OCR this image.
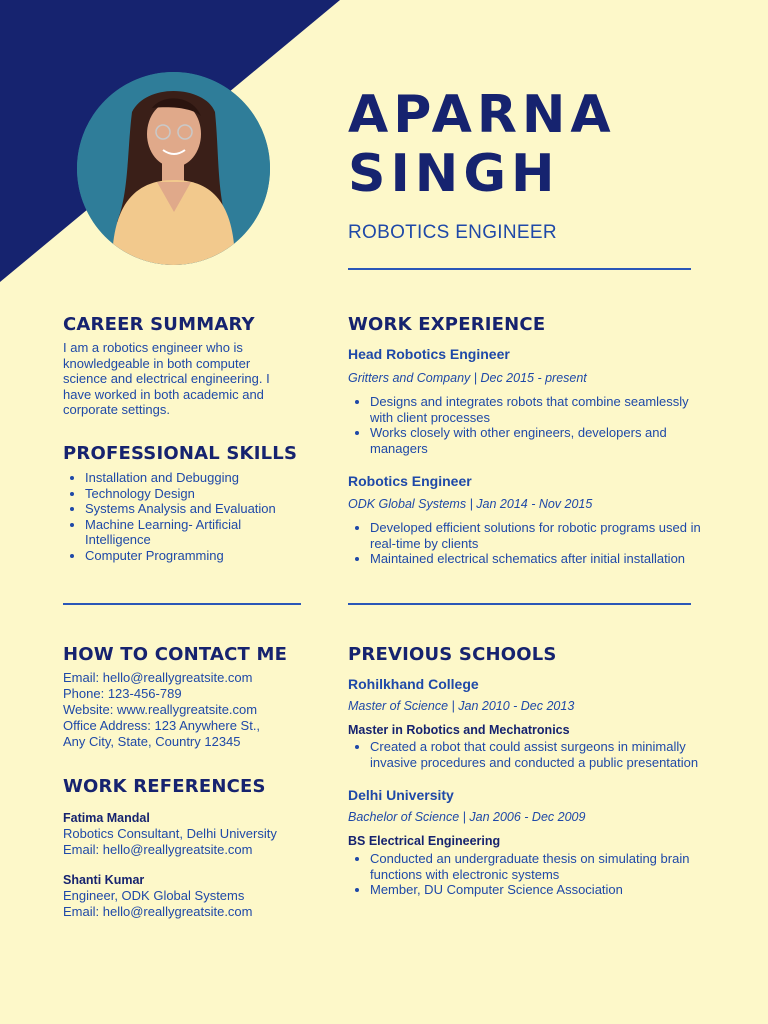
APARNA
SINGH
ROBOTICS ENGINEER
CAREER SUMMARY
I am a robotics engineer who is knowledgeable in both computer science and electrical engineering. I have worked in both academic and corporate settings.
PROFESSIONAL SKILLS
• Installation and Debugging
• Technology Design
• Systems Analysis and Evaluation
• Machine Learning- Artificial Intelligence
• Computer Programming
HOW TO CONTACT ME
Email: hello@reallygreatsite.com
Phone: 123-456-789
Website: www.reallygreatsite.com
Office Address: 123 Anywhere St., Any City, State, Country 12345
WORK REFERENCES
Fatima Mandal
Robotics Consultant, Delhi University
Email: hello@reallygreatsite.com
Shanti Kumar
Engineer, ODK Global Systems
Email: hello@reallygreatsite.com
WORK EXPERIENCE
Head Robotics Engineer
Gritters and Company | Dec 2015 - present
• Designs and integrates robots that combine seamlessly with client processes
• Works closely with other engineers, developers and managers
Robotics Engineer
ODK Global Systems | Jan 2014 - Nov 2015
• Developed efficient solutions for robotic programs used in real-time by clients
• Maintained electrical schematics after initial installation
PREVIOUS SCHOOLS
Rohilkhand College
Master of Science | Jan 2010 - Dec 2013
Master in Robotics and Mechatronics
• Created a robot that could assist surgeons in minimally invasive procedures and conducted a public presentation
Delhi University
Bachelor of Science | Jan 2006 - Dec 2009
BS Electrical Engineering
• Conducted an undergraduate thesis on simulating brain functions with electronic systems
• Member, DU Computer Science Association
